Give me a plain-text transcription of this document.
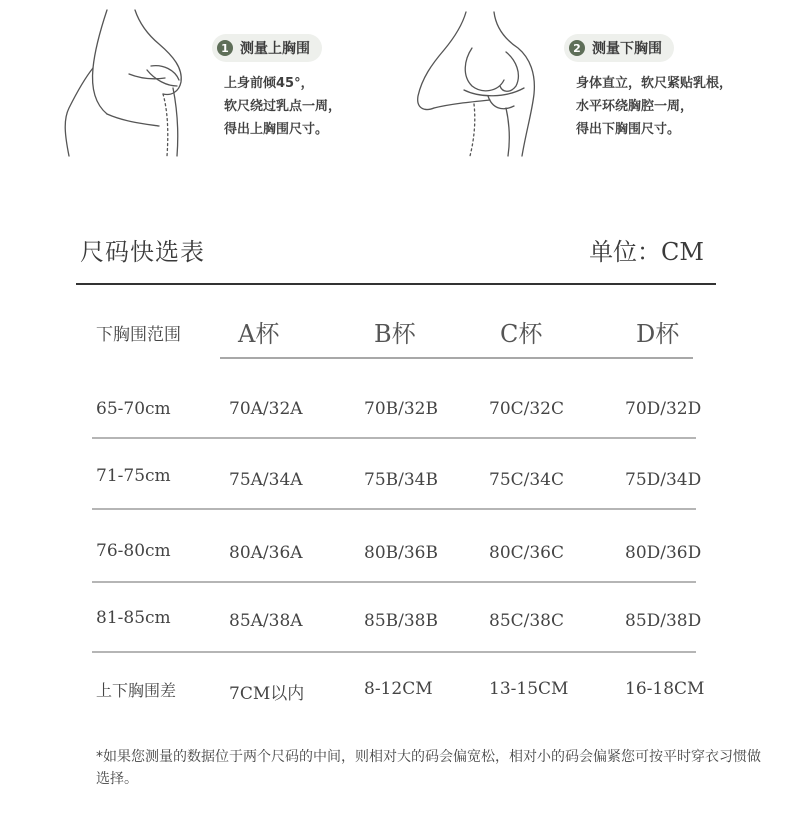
1 测量上胸围
上身前倾45°，
软尺绕过乳点一周，
得出上胸围尺寸。
2 测量下胸围
身体直立，软尺紧贴乳根，
水平环绕胸腔一周，
得出下胸围尺寸。
尺码快选表	单位：CM
下胸围范围 A杯	B杯	C杯	D杯
65-70cm	70A/32A	70B/32B	70C/32C	70D/32D
71-75cm	75A/34A	75B/34B	75C/34C	75D/34D
76-80cm	80A/36A	80B/36B	80C/36C	80D/36D
81-85cm	85A/38A	85B/38B	85C/38C	85D/38D
上下胸围差	7CM以内	8-12CM	13-15CM	16-18CM
*如果您测量的数据位于两个尺码的中间，则相对大的码会偏宽松，相对小的码会偏紧您可按平时穿衣习惯做选择。
